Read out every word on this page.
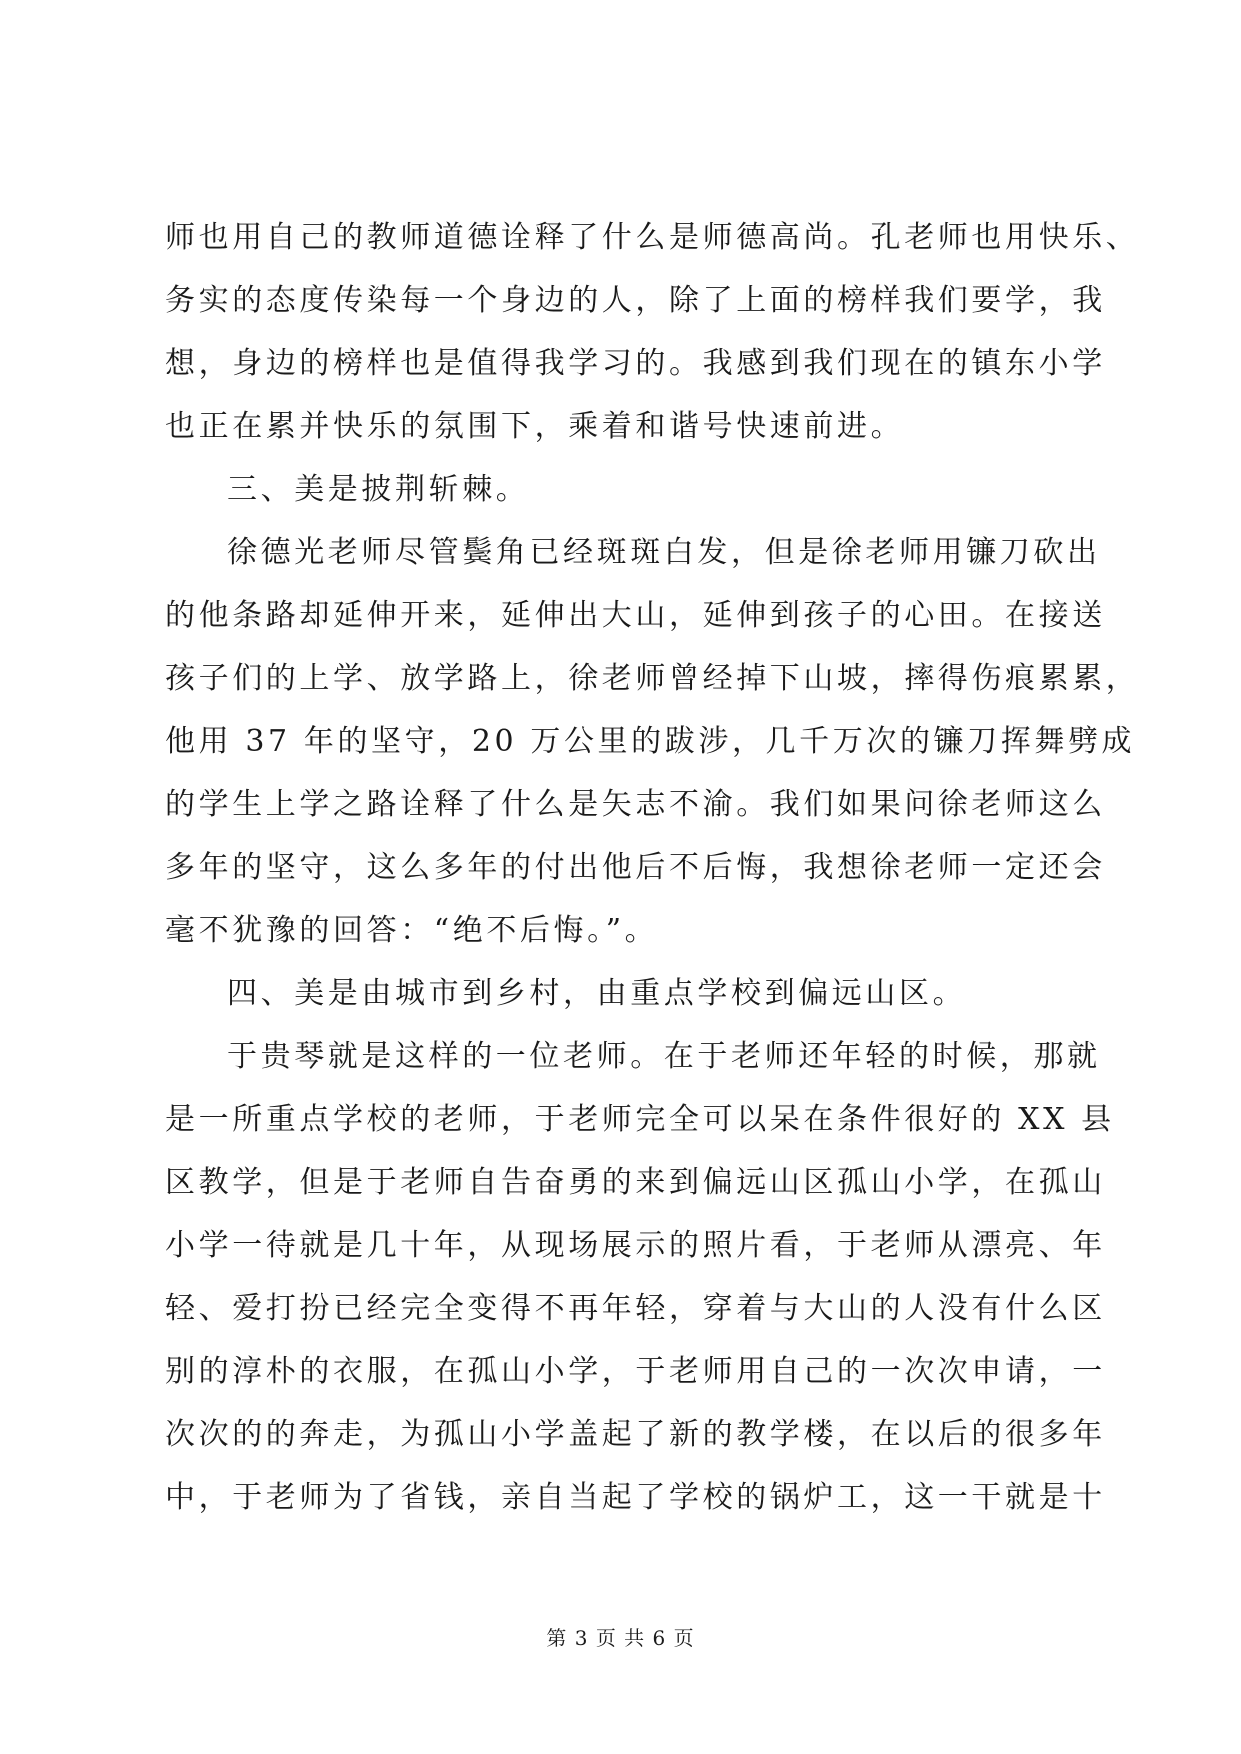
师也用自己的教师道德诠释了什么是师德高尚。孔老师也用快乐、
务实的态度传染每一个身边的人，除了上面的榜样我们要学，我
想，身边的榜样也是值得我学习的。我感到我们现在的镇东小学
也正在累并快乐的氛围下，乘着和谐号快速前进。
三、美是披荆斩棘。
徐德光老师尽管鬓角已经斑斑白发，但是徐老师用镰刀砍出
的他条路却延伸开来，延伸出大山，延伸到孩子的心田。在接送
孩子们的上学、放学路上，徐老师曾经掉下山坡，摔得伤痕累累，
他用 37 年的坚守，20 万公里的跋涉，几千万次的镰刀挥舞劈成
的学生上学之路诠释了什么是矢志不渝。我们如果问徐老师这么
多年的坚守，这么多年的付出他后不后悔，我想徐老师一定还会
毫不犹豫的回答：“绝不后悔。”。
四、美是由城市到乡村，由重点学校到偏远山区。
于贵琴就是这样的一位老师。在于老师还年轻的时候，那就
是一所重点学校的老师，于老师完全可以呆在条件很好的 XX 县
区教学，但是于老师自告奋勇的来到偏远山区孤山小学，在孤山
小学一待就是几十年，从现场展示的照片看，于老师从漂亮、年
轻、爱打扮已经完全变得不再年轻，穿着与大山的人没有什么区
别的淳朴的衣服，在孤山小学，于老师用自己的一次次申请，一
次次的的奔走，为孤山小学盖起了新的教学楼，在以后的很多年
中，于老师为了省钱，亲自当起了学校的锅炉工，这一干就是十
第 3 页 共 6 页
